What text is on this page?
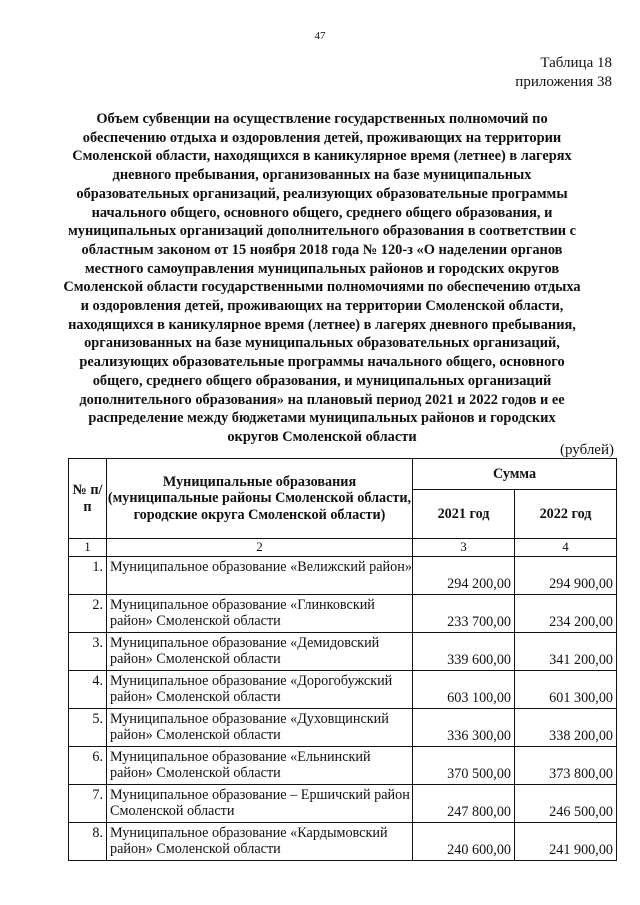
47
Таблица 18
приложения 38
Объем субвенции на осуществление государственных полномочий по обеспечению отдыха и оздоровления детей, проживающих на территории Смоленской области, находящихся в каникулярное время (летнее) в лагерях дневного пребывания, организованных на базе муниципальных образовательных организаций, реализующих образовательные программы начального общего, основного общего, среднего общего образования, и муниципальных организаций дополнительного образования в соответствии с областным законом от 15 ноября 2018 года № 120-з «О наделении органов местного самоуправления муниципальных районов и городских округов Смоленской области государственными полномочиями по обеспечению отдыха и оздоровления детей, проживающих на территории Смоленской области, находящихся в каникулярное время (летнее) в лагерях дневного пребывания, организованных на базе муниципальных образовательных организаций, реализующих образовательные программы начального общего, основного общего, среднего общего образования, и муниципальных организаций дополнительного образования» на плановый период 2021 и 2022 годов и ее распределение между бюджетами муниципальных районов и городских округов Смоленской области
(рублей)
№ п/п	Муниципальные образования (муниципальные районы Смоленской области, городские округа Смоленской области)	Сумма	
		2021 год	2022 год
1	2	3	4
1.	Муниципальное образование «Велижский район»	294 200,00	294 900,00
2.	Муниципальное образование «Глинковский район» Смоленской области	233 700,00	234 200,00
3.	Муниципальное образование «Демидовский район» Смоленской области	339 600,00	341 200,00
4.	Муниципальное образование «Дорогобужский район» Смоленской области	603 100,00	601 300,00
5.	Муниципальное образование «Духовщинский район» Смоленской области	336 300,00	338 200,00
6.	Муниципальное образование «Ельнинский район» Смоленской области	370 500,00	373 800,00
7.	Муниципальное образование – Ершичский район Смоленской области	247 800,00	246 500,00
8.	Муниципальное образование «Кардымовский район» Смоленской области	240 600,00	241 900,00
